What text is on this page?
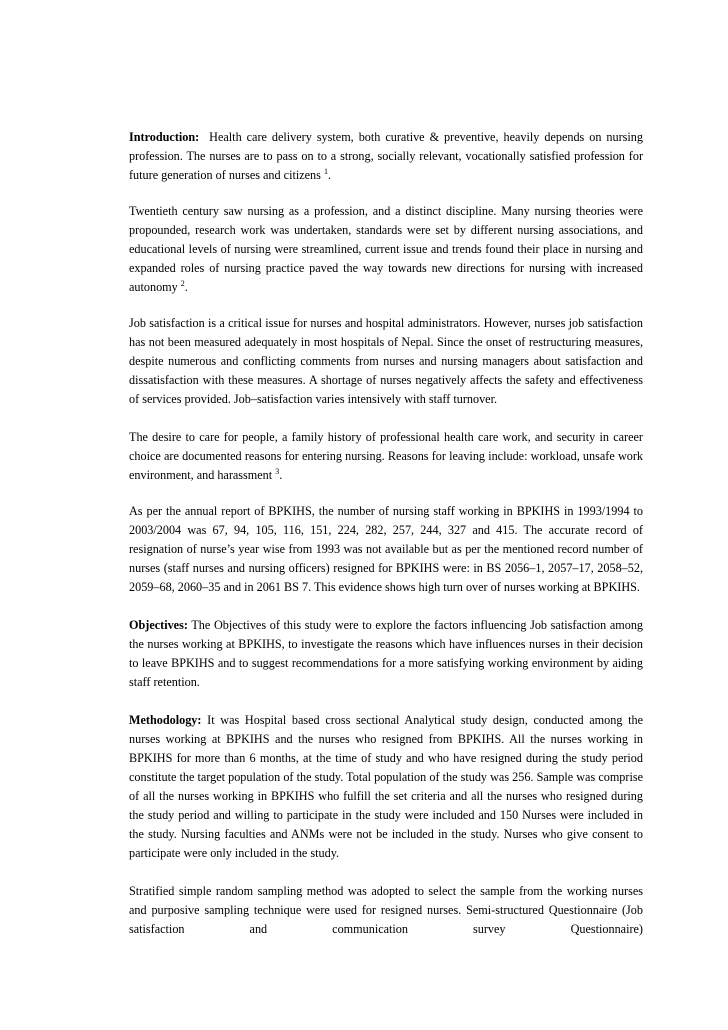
Introduction: Health care delivery system, both curative & preventive, heavily depends on nursing profession. The nurses are to pass on to a strong, socially relevant, vocationally satisfied profession for future generation of nurses and citizens $^1$.

Twentieth century saw nursing as a profession, and a distinct discipline. Many nursing theories were propounded, research work was undertaken, standards were set by different nursing associations, and educational levels of nursing were streamlined, current issue and trends found their place in nursing and expanded roles of nursing practice paved the way towards new directions for nursing with increased autonomy $^2$.

Job satisfaction is a critical issue for nurses and hospital administrators. However, nurses job satisfaction has not been measured adequately in most hospitals of Nepal. Since the onset of restructuring measures, despite numerous and conflicting comments from nurses and nursing managers about satisfaction and dissatisfaction with these measures. A shortage of nurses negatively affects the safety and effectiveness of services provided. Job–satisfaction varies intensively with staff turnover.

The desire to care for people, a family history of professional health care work, and security in career choice are documented reasons for entering nursing. Reasons for leaving include: workload, unsafe work environment, and harassment $^3$.

As per the annual report of BPKIHS, the number of nursing staff working in BPKIHS in 1993/1994 to 2003/2004 was 67, 94, 105, 116, 151, 224, 282, 257, 244, 327 and 415. The accurate record of resignation of nurse’s year wise from 1993 was not available but as per the mentioned record number of nurses (staff nurses and nursing officers) resigned for BPKIHS were: in BS 2056–1, 2057–17, 2058–52, 2059–68, 2060–35 and in 2061 BS 7. This evidence shows high turn over of nurses working at BPKIHS.

Objectives: The Objectives of this study were to explore the factors influencing Job satisfaction among the nurses working at BPKIHS, to investigate the reasons which have influences nurses in their decision to leave BPKIHS and to suggest recommendations for a more satisfying working environment by aiding staff retention.

Methodology: It was Hospital based cross sectional Analytical study design, conducted among the nurses working at BPKIHS and the nurses who resigned from BPKIHS. All the nurses working in BPKIHS for more than 6 months, at the time of study and who have resigned during the study period constitute the target population of the study. Total population of the study was 256. Sample was comprise of all the nurses working in BPKIHS who fulfill the set criteria and all the nurses who resigned during the study period and willing to participate in the study were included and 150 Nurses were included in the study. Nursing faculties and ANMs were not be included in the study. Nurses who give consent to participate were only included in the study.

Stratified simple random sampling method was adopted to select the sample from the working nurses and purposive sampling technique were used for resigned nurses. Semi-structured Questionnaire (Job satisfaction and communication survey Questionnaire)
